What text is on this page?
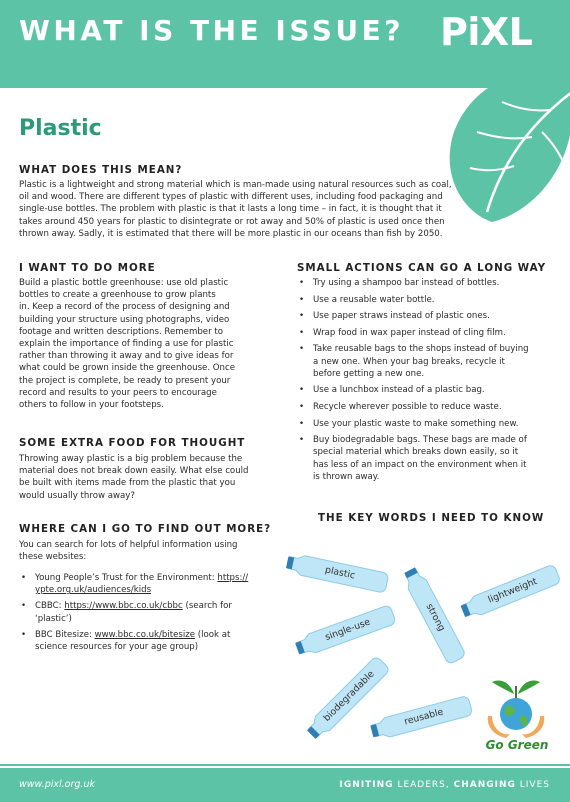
WHAT IS THE ISSUE? PiXL
Plastic
WHAT DOES THIS MEAN?
Plastic is a lightweight and strong material which is man-made using natural resources such as coal,
oil and wood. There are different types of plastic with different uses, including food packaging and
single-use bottles. The problem with plastic is that it lasts a long time – in fact, it is thought that it
takes around 450 years for plastic to disintegrate or rot away and 50% of plastic is used once then
thrown away. Sadly, it is estimated that there will be more plastic in our oceans than fish by 2050.
I WANT TO DO MORE
Build a plastic bottle greenhouse: use old plastic
bottles to create a greenhouse to grow plants
in. Keep a record of the process of designing and
building your structure using photographs, video
footage and written descriptions. Remember to
explain the importance of finding a use for plastic
rather than throwing it away and to give ideas for
what could be grown inside the greenhouse. Once
the project is complete, be ready to present your
record and results to your peers to encourage
others to follow in your footsteps.
SOME EXTRA FOOD FOR THOUGHT
Throwing away plastic is a big problem because the
material does not break down easily. What else could
be built with items made from the plastic that you
would usually throw away?
WHERE CAN I GO TO FIND OUT MORE?
You can search for lots of helpful information using
these websites:
• Young People’s Trust for the Environment: https://
ypte.org.uk/audiences/kids
• CBBC: https://www.bbc.co.uk/cbbc (search for
‘plastic’)
• BBC Bitesize: www.bbc.co.uk/bitesize (look at
science resources for your age group)
SMALL ACTIONS CAN GO A LONG WAY
• Try using a shampoo bar instead of bottles.
• Use a reusable water bottle.
• Use paper straws instead of plastic ones.
• Wrap food in wax paper instead of cling film.
• Take reusable bags to the shops instead of buying
a new one. When your bag breaks, recycle it
before getting a new one.
• Use a lunchbox instead of a plastic bag.
• Recycle wherever possible to reduce waste.
• Use your plastic waste to make something new.
• Buy biodegradable bags. These bags are made of
special material which breaks down easily, so it
has less of an impact on the environment when it
is thrown away.
THE KEY WORDS I NEED TO KNOW
plastic
strong
lightweight
single-use
biodegradable	reusable
Go Green
www.pixl.org.uk	IGNITING LEADERS, CHANGING LIVES
